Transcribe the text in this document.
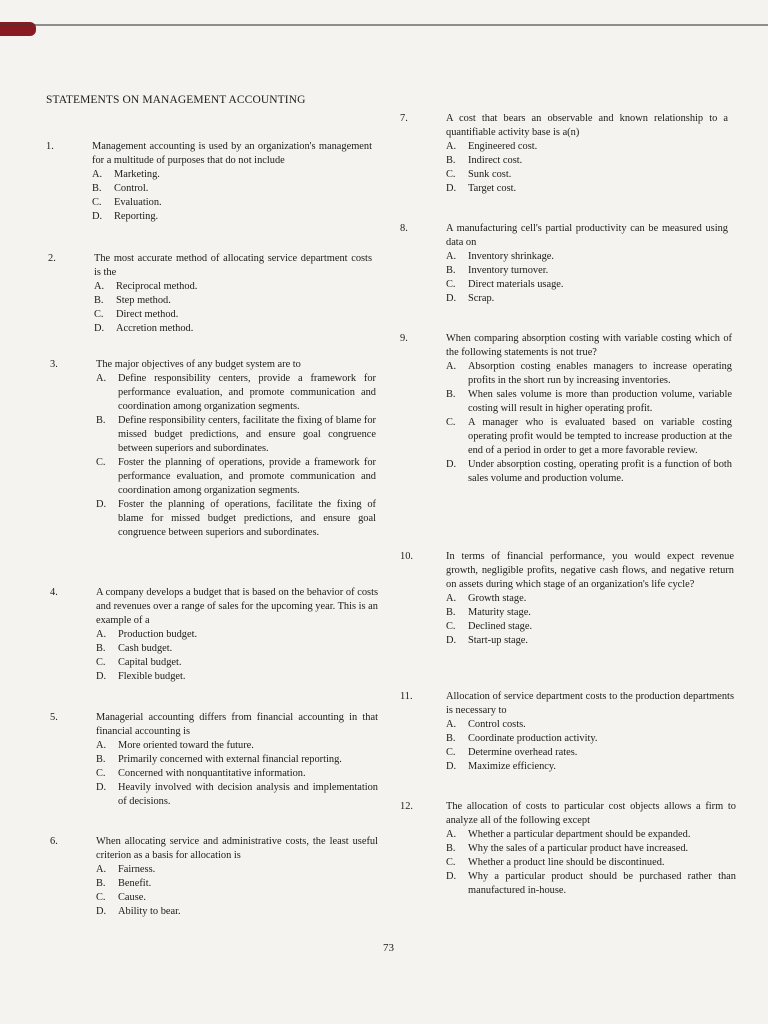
STATEMENTS ON MANAGEMENT ACCOUNTING
1.	Management accounting is used by an organization's management for a multitude of purposes that do not include
A.	Marketing.
B.	Control.
C.	Evaluation.
D.	Reporting.
2.	The most accurate method of allocating service department costs is the
A.	Reciprocal method.
B.	Step method.
C.	Direct method.
D.	Accretion method.
3.	The major objectives of any budget system are to
A.	Define responsibility centers, provide a framework for performance evaluation, and promote communication and coordination among organization segments.
B.	Define responsibility centers, facilitate the fixing of blame for missed budget predictions, and ensure goal congruence between superiors and subordinates.
C.	Foster the planning of operations, provide a framework for performance evaluation, and promote communication and coordination among organization segments.
D.	Foster the planning of operations, facilitate the fixing of blame for missed budget predictions, and ensure goal congruence between superiors and subordinates.
4.	A company develops a budget that is based on the behavior of costs and revenues over a range of sales for the upcoming year. This is an example of a
A.	Production budget.
B.	Cash budget.
C.	Capital budget.
D.	Flexible budget.
5.	Managerial accounting differs from financial accounting in that financial accounting is
A.	More oriented toward the future.
B.	Primarily concerned with external financial reporting.
C.	Concerned with nonquantitative information.
D.	Heavily involved with decision analysis and implementation of decisions.
6.	When allocating service and administrative costs, the least useful criterion as a basis for allocation is
A.	Fairness.
B.	Benefit.
C.	Cause.
D.	Ability to bear.
7.	A cost that bears an observable and known relationship to a quantifiable activity base is a(n)
A.	Engineered cost.
B.	Indirect cost.
C.	Sunk cost.
D.	Target cost.
8.	A manufacturing cell's partial productivity can be measured using data on
A.	Inventory shrinkage.
B.	Inventory turnover.
C.	Direct materials usage.
D.	Scrap.
9.	When comparing absorption costing with variable costing which of the following statements is not true?
A.	Absorption costing enables managers to increase operating profits in the short run by increasing inventories.
B.	When sales volume is more than production volume, variable costing will result in higher operating profit.
C.	A manager who is evaluated based on variable costing operating profit would be tempted to increase production at the end of a period in order to get a more favorable review.
D.	Under absorption costing, operating profit is a function of both sales volume and production volume.
10.	In terms of financial performance, you would expect revenue growth, negligible profits, negative cash flows, and negative return on assets during which stage of an organization's life cycle?
A.	Growth stage.
B.	Maturity stage.
C.	Declined stage.
D.	Start-up stage.
11.	Allocation of service department costs to the production departments is necessary to
A.	Control costs.
B.	Coordinate production activity.
C.	Determine overhead rates.
D.	Maximize efficiency.
12.	The allocation of costs to particular cost objects allows a firm to analyze all of the following except
A.	Whether a particular department should be expanded.
B.	Why the sales of a particular product have increased.
C.	Whether a product line should be discontinued.
D.	Why a particular product should be purchased rather than manufactured in-house.
73
